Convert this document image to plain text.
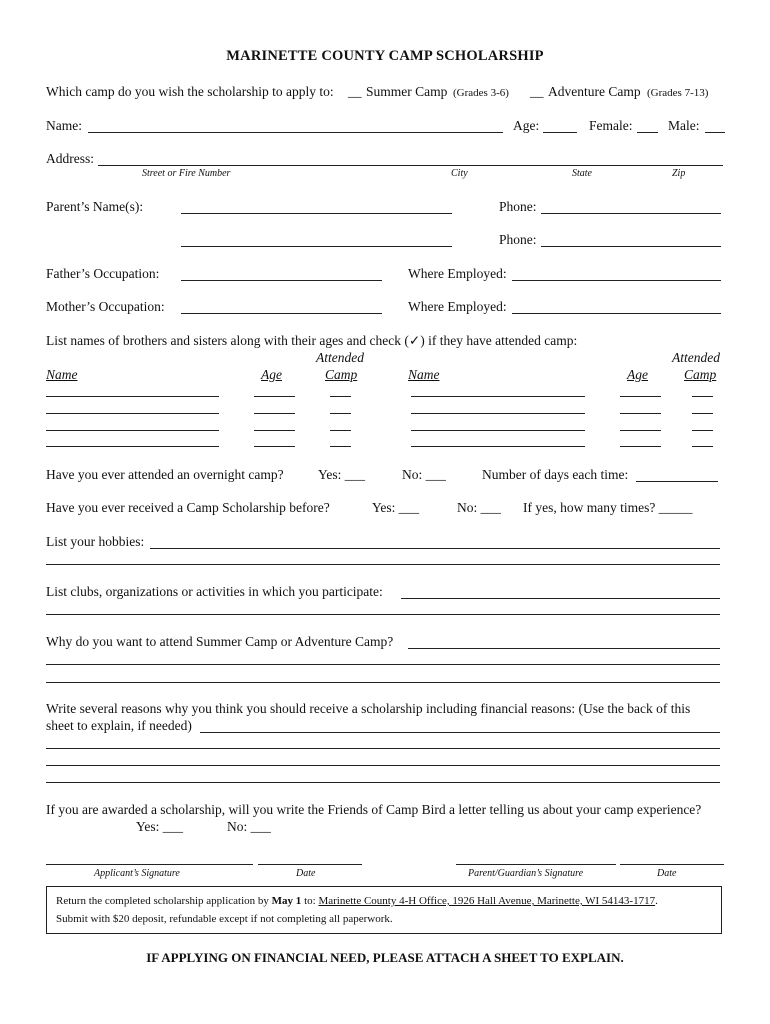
MARINETTE COUNTY CAMP SCHOLARSHIP
Which camp do you wish the scholarship to apply to: __ Summer Camp (Grades 3-6) __ Adventure Camp (Grades 7-13)
Name:	Age:	Female:	Male:
Address:
Street or Fire Number	City	State	Zip
Parent’s Name(s):	Phone:
Phone:
Father’s Occupation:	Where Employed:
Mother’s Occupation:	Where Employed:
List names of brothers and sisters along with their ages and check (✓) if they have attended camp:
Attended	Attended
Name	Age	Camp	Name	Age	Camp
Have you ever attended an overnight camp?	Yes: ___	No: ___	Number of days each time:
Have you ever received a Camp Scholarship before?	Yes: ___	No: ___ If yes, how many times? _____
List your hobbies:
List clubs, organizations or activities in which you participate:
Why do you want to attend Summer Camp or Adventure Camp?
Write several reasons why you think you should receive a scholarship including financial reasons: (Use the back of this
sheet to explain, if needed)
If you are awarded a scholarship, will you write the Friends of Camp Bird a letter telling us about your camp experience?
Yes: ___	No: ___
Applicant’s Signature	Date	Parent/Guardian’s Signature	Date
Return the completed scholarship application by May 1 to: Marinette County 4-H Office, 1926 Hall Avenue, Marinette, WI 54143-1717.
Submit with $20 deposit, refundable except if not completing all paperwork.
IF APPLYING ON FINANCIAL NEED, PLEASE ATTACH A SHEET TO EXPLAIN.
